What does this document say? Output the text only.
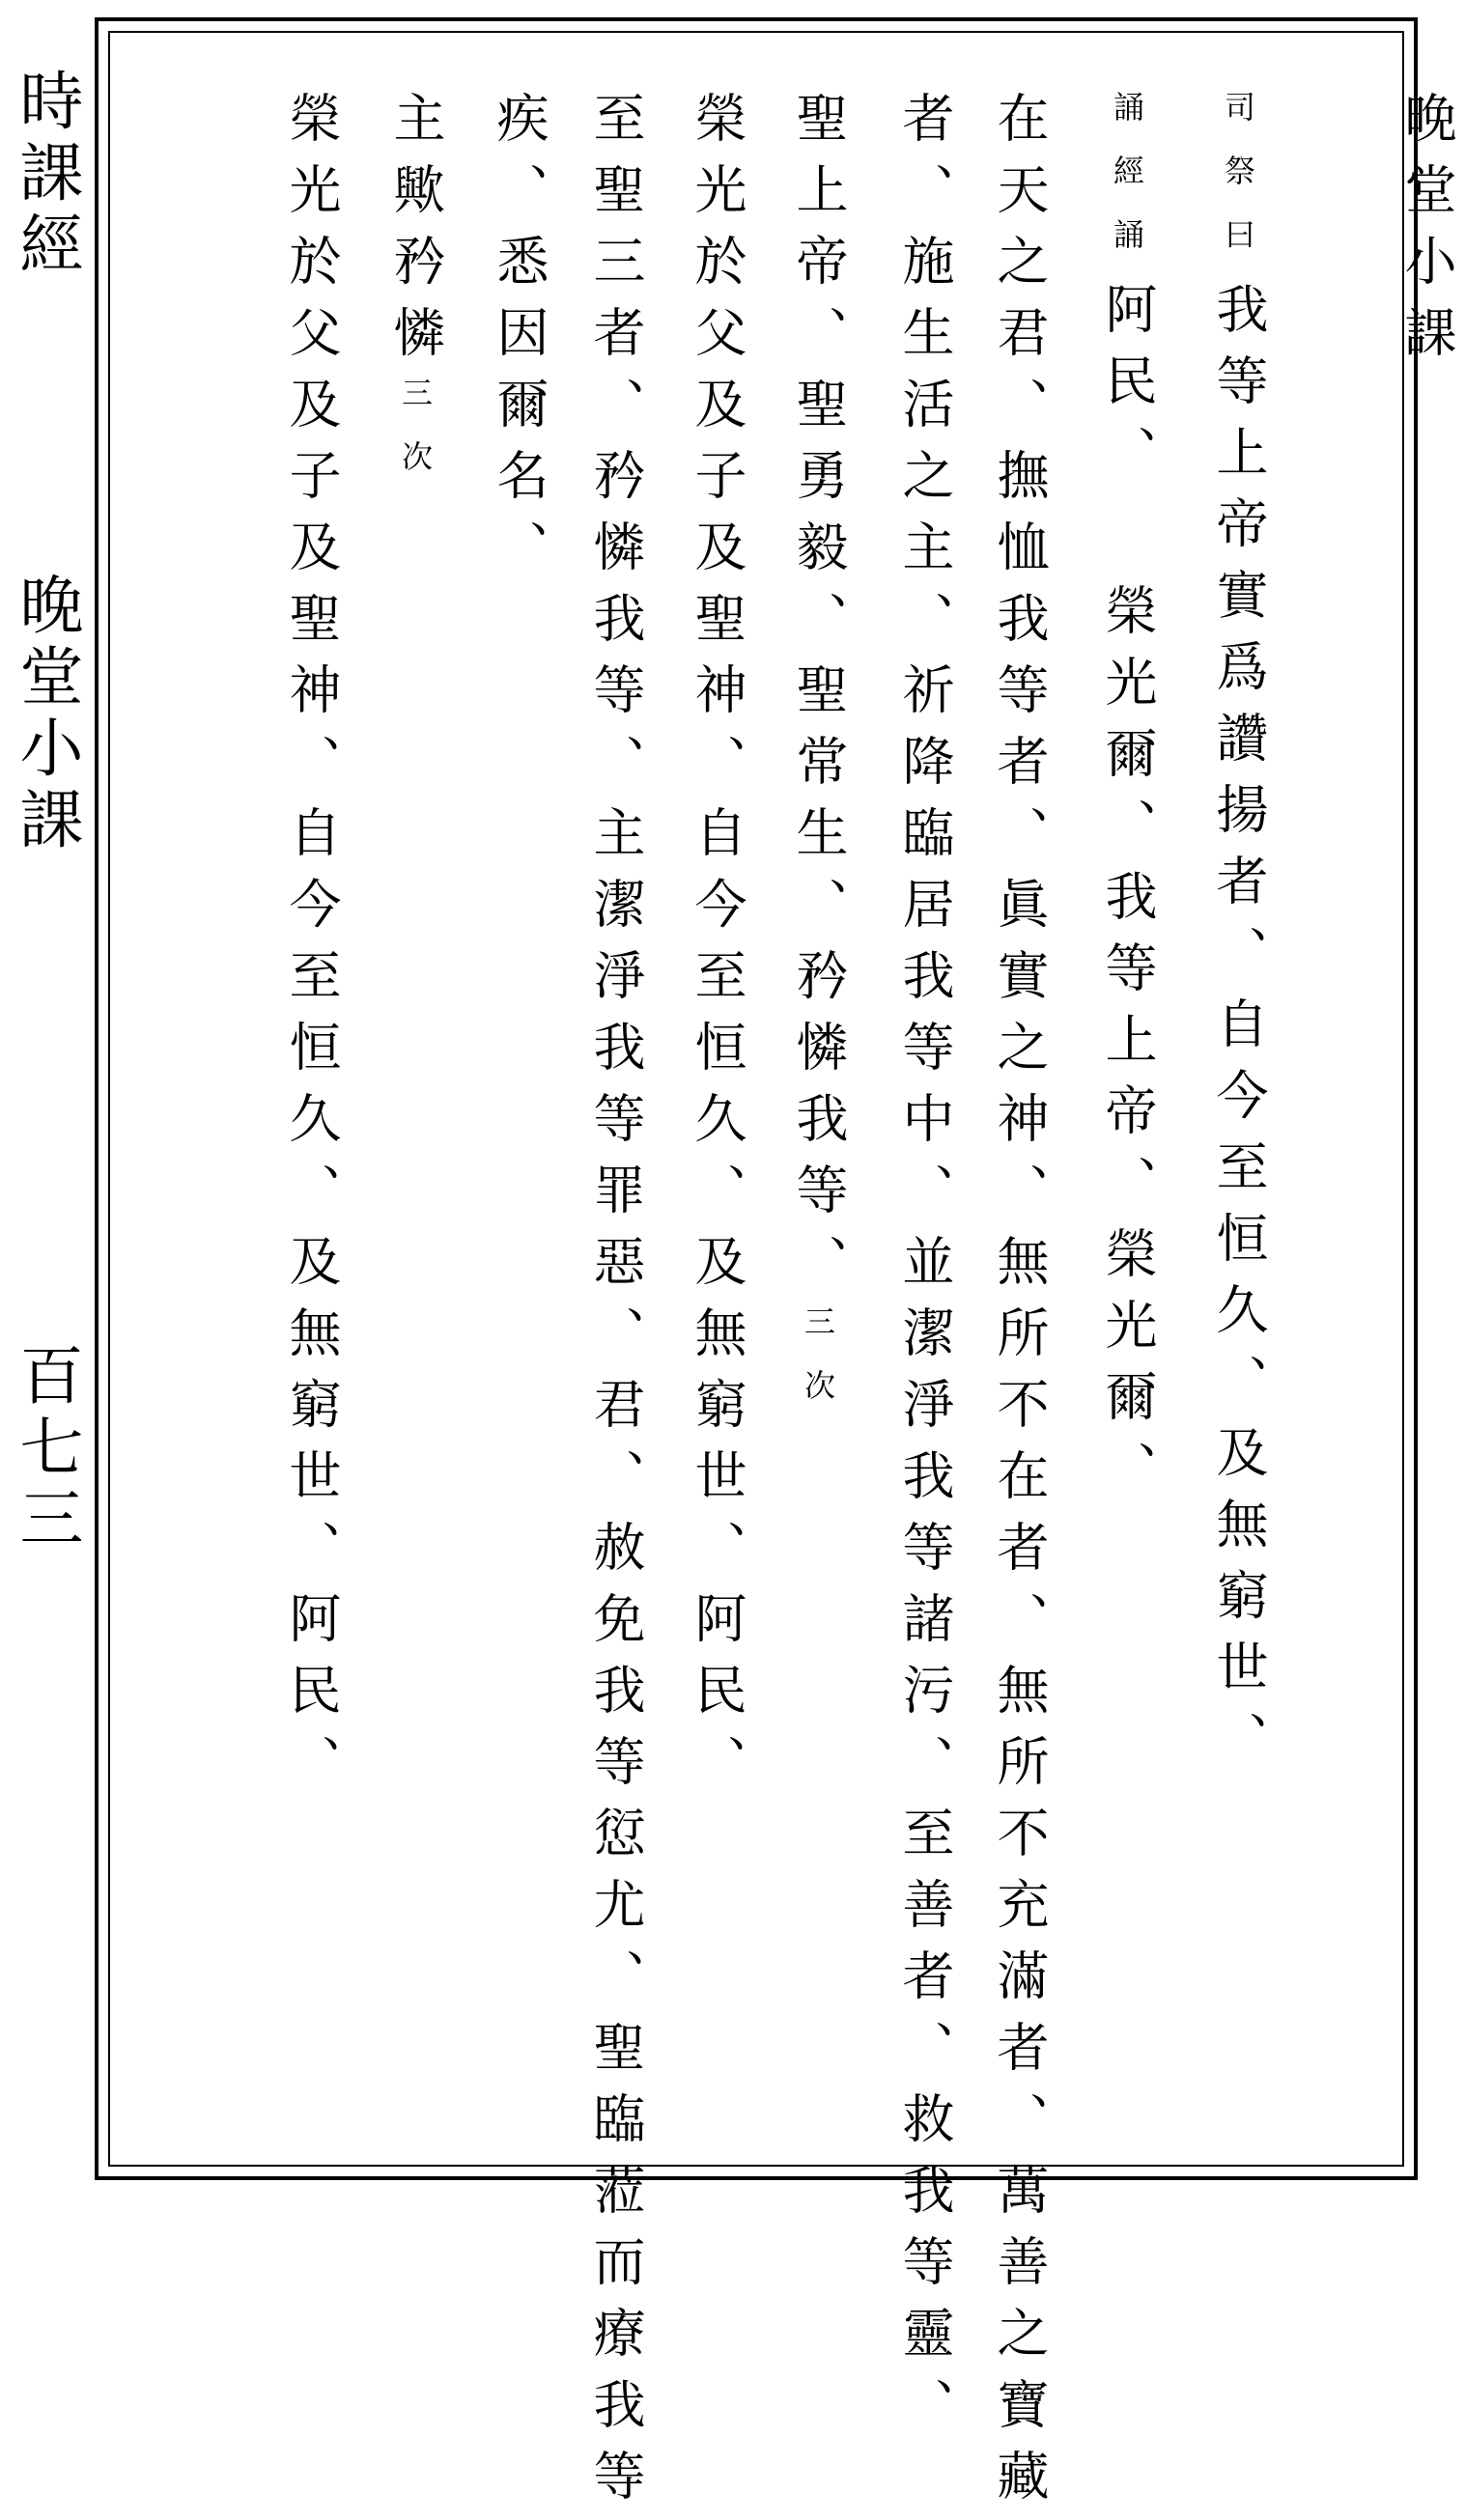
時課經晚堂小課
百七三
晚堂小課
司祭曰我等上帝實爲讚揚者、自今至恒久、及無窮世、
誦經誦阿民、榮光爾、我等上帝、榮光爾、
在天之君、撫恤我等者、眞實之神、無所不在者、無所不充滿者、萬善之寶藏
者、施生活之主、祈降臨居我等中、並潔淨我等諸污、至善者、救我等靈、
聖上帝、聖勇毅、聖常生、矜憐我等、三次
榮光於父及子及聖神、自今至恒久、及無窮世、阿民、
至聖三者、矜憐我等、主潔淨我等罪惡、君、赦免我等愆尤、聖臨蒞而療我等
疾、悉因爾名、
主歟矜憐三次
榮光於父及子及聖神、自今至恒久、及無窮世、阿民、
